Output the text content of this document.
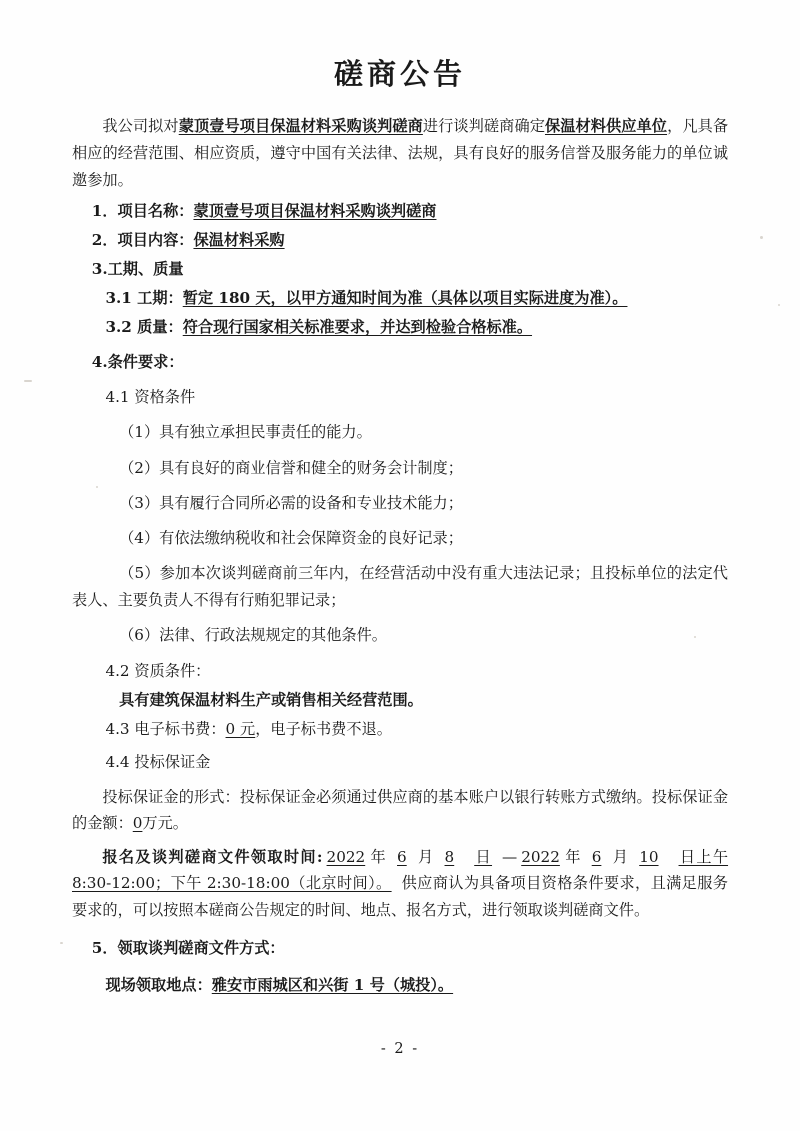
磋商公告

我公司拟对蒙顶壹号项目保温材料采购谈判磋商进行谈判磋商确定保温材料供应单位，凡具备相应的经营范围、相应资质，遵守中国有关法律、法规，具有良好的服务信誉及服务能力的单位诚邀参加。

1．项目名称：蒙顶壹号项目保温材料采购谈判磋商

2．项目内容：保温材料采购

3.工期、质量

3.1 工期：暂定 180 天，以甲方通知时间为准（具体以项目实际进度为准）。

3.2 质量：符合现行国家相关标准要求，并达到检验合格标准。

4.条件要求：

4.1 资格条件

（1）具有独立承担民事责任的能力。

（2）具有良好的商业信誉和健全的财务会计制度；

（3）具有履行合同所必需的设备和专业技术能力；

（4）有依法缴纳税收和社会保障资金的良好记录；

（5）参加本次谈判磋商前三年内，在经营活动中没有重大违法记录；且投标单位的法定代表人、主要负责人不得有行贿犯罪记录；

（6）法律、行政法规规定的其他条件。

4.2 资质条件：

具有建筑保温材料生产或销售相关经营范围。

4.3 电子标书费：0 元，电子标书费不退。

4.4 投标保证金

投标保证金的形式：投标保证金必须通过供应商的基本账户以银行转账方式缴纳。投标保证金的金额：0万元。

报名及谈判磋商文件领取时间: 2022 年 6 月 8 日 — 2022 年 6 月 10 日上午 8:30-12:00；下午 2:30-18:00（北京时间）。 供应商认为具备项目资格条件要求，且满足服务要求的，可以按照本磋商公告规定的时间、地点、报名方式，进行领取谈判磋商文件。

5．领取谈判磋商文件方式：

现场领取地点：雅安市雨城区和兴街 1 号（城投）。

- 2 -
